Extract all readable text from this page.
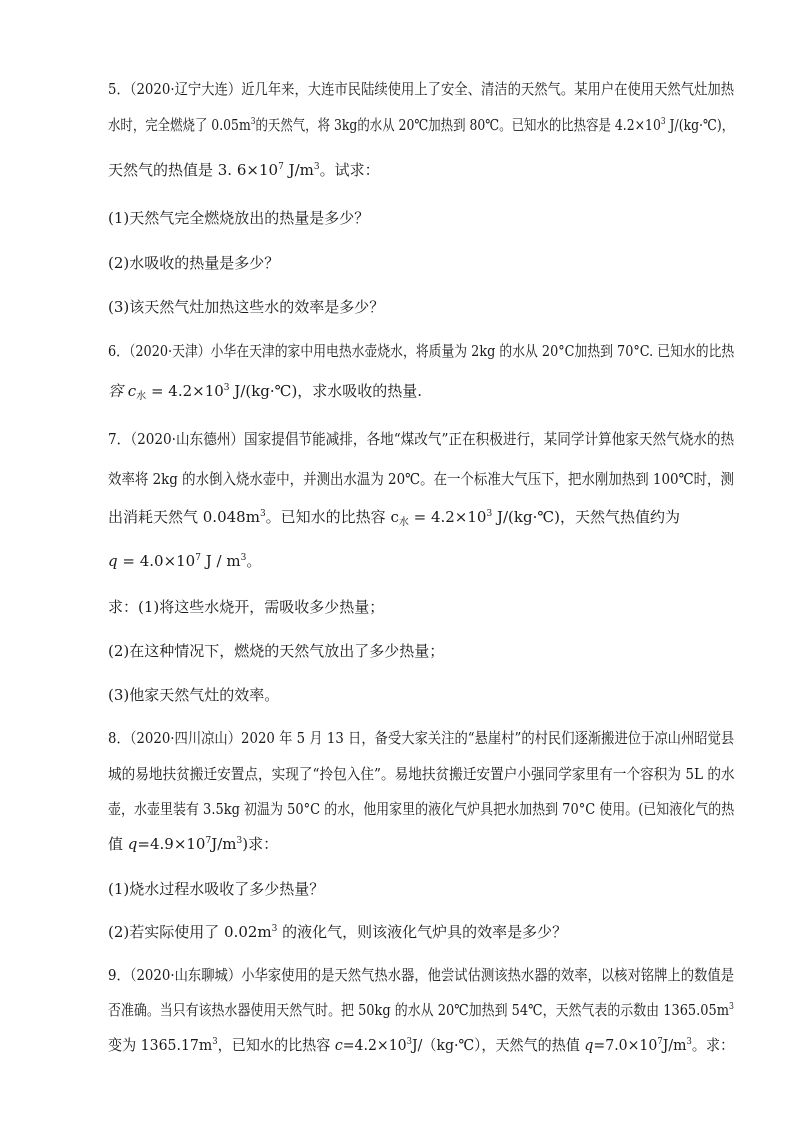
5．（2020·辽宁大连）近几年来，大连市民陆续使用上了安全、清洁的天然气。某用户在使用天然气灶加热
水时，完全燃烧了 $0.05m^3$的天然气，将 3kg的水从 20℃加热到 80℃。已知水的比热容是 $4.2\times 10^3$ J/(kg·℃)，
天然气的热值是 3. $6\times 10^7$ $J/m^3$。试求：
(1)天然气完全燃烧放出的热量是多少？
(2)水吸收的热量是多少？
(3)该天然气灶加热这些水的效率是多少？
6．（2020·天津）小华在天津的家中用电热水壶烧水，将质量为 2kg 的水从 20°C加热到 70°C. 已知水的比热
容 $c_水 = 4.2\times 10^3$ J/(kg·℃)，求水吸收的热量.
7．（2020·山东德州）国家提倡节能减排，各地“煤改气”正在积极进行，某同学计算他家天然气烧水的热
效率将 2kg 的水倒入烧水壶中，并测出水温为 20℃。在一个标准大气压下，把水刚加热到 100℃时，测
出消耗天然气 $0.048m^3$。已知水的比热容 $c_水 = 4.2\times 10^3$ J/(kg·℃)，天然气热值约为
$q = 4.0\times 10^7$ J / $m^3$。
求：(1)将这些水烧开，需吸收多少热量；
(2)在这种情况下，燃烧的天然气放出了多少热量；
(3)他家天然气灶的效率。
8．（2020·四川凉山）2020 年 5 月 13 日，备受大家关注的“悬崖村”的村民们逐渐搬进位于凉山州昭觉县
城的易地扶贫搬迁安置点，实现了“拎包入住”。易地扶贫搬迁安置户小强同学家里有一个容积为 5L 的水
壶，水壶里装有 3.5kg 初温为 50°C 的水，他用家里的液化气炉具把水加热到 70°C 使用。(已知液化气的热
值 $q=4.9\times 10^7J/m^3$)求：
(1)烧水过程水吸收了多少热量？
(2)若实际使用了 $0.02m^3$ 的液化气，则该液化气炉具的效率是多少？
9．（2020·山东聊城）小华家使用的是天然气热水器，他尝试估测该热水器的效率，以核对铭牌上的数值是
否准确。当只有该热水器使用天然气时。把 50kg 的水从 20℃加热到 54℃，天然气表的示数由 $1365.05m^3$
变为 $1365.17m^3$，已知水的比热容 $c=4.2\times 10^3J/(kg\cdot℃)$，天然气的热值 $q=7.0\times 10^7J/m^3$。求：
